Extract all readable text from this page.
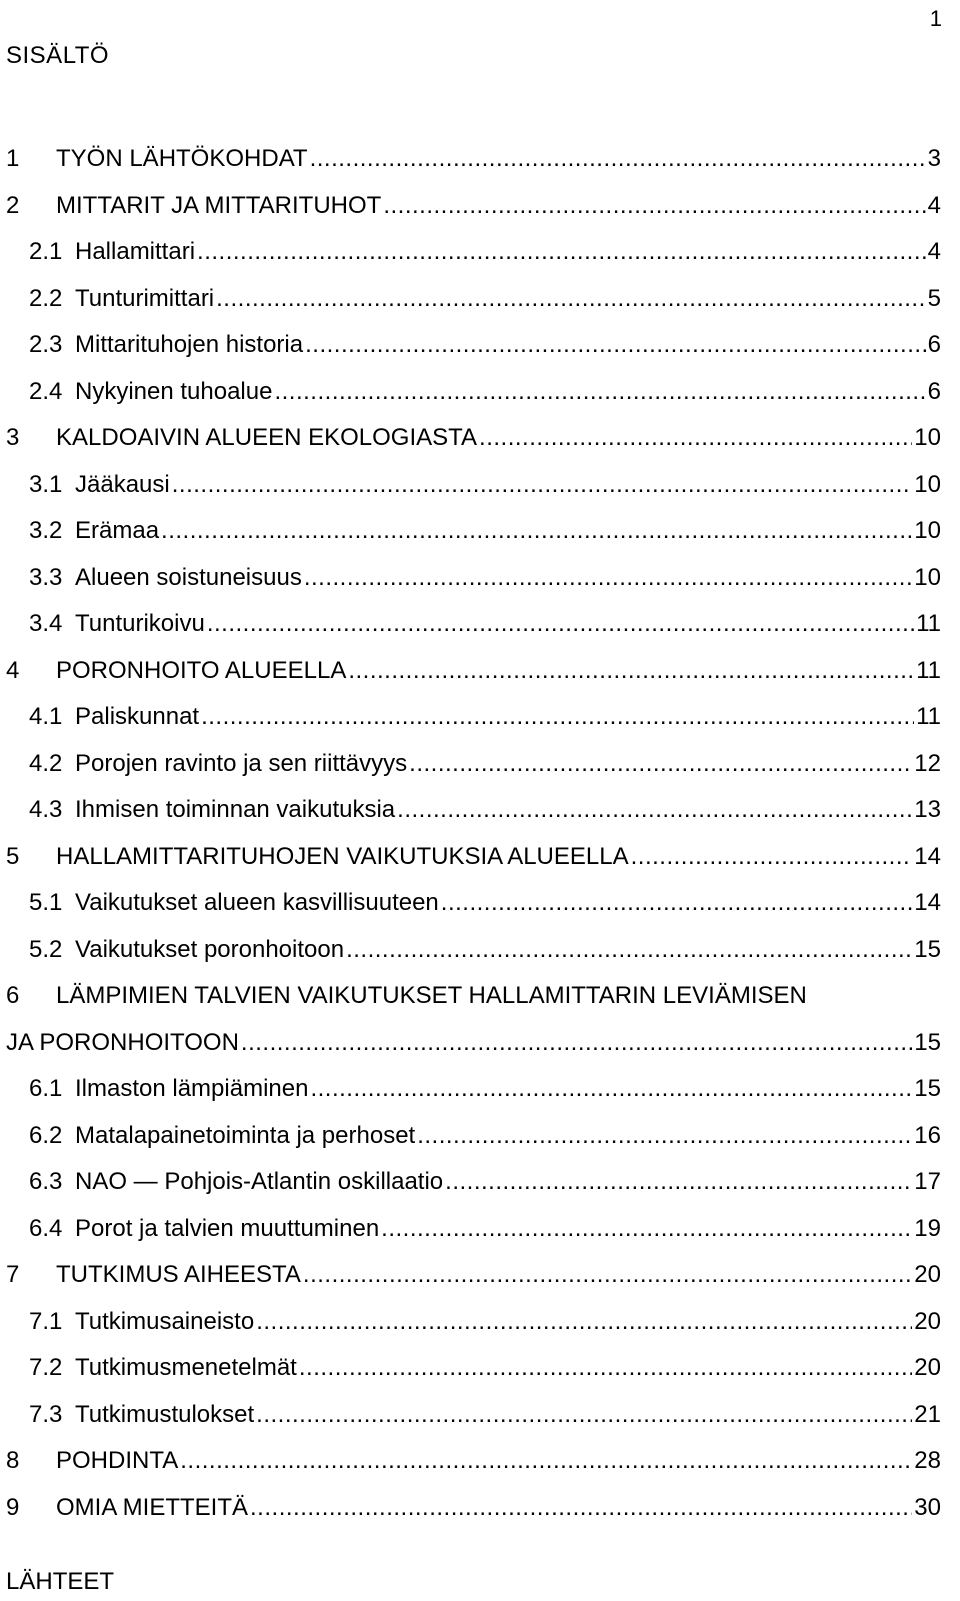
1
SISÄLTÖ
1	TYÖN LÄHTÖKOHDAT .....	3
2	MITTARIT JA MITTARITUHOT .....	4
2.1 Hallamittari .....	4
2.2 Tunturimittari .....	5
2.3 Mittarituhojen historia .....	6
2.4 Nykyinen tuhoalue .....	6
3	KALDOAIVIN ALUEEN EKOLOGIASTA .....	10
3.1 Jääkausi .....	10
3.2 Erämaa .....	10
3.3 Alueen soistuneisuus .....	10
3.4 Tunturikoivu .....	11
4	PORONHOITO ALUEELLA .....	11
4.1 Paliskunnat .....	11
4.2 Porojen ravinto ja sen riittävyys .....	12
4.3 Ihmisen toiminnan vaikutuksia .....	13
5	HALLAMITTARITUHOJEN VAIKUTUKSIA ALUEELLA .....	14
5.1 Vaikutukset alueen kasvillisuuteen .....	14
5.2 Vaikutukset poronhoitoon .....	15
6	LÄMPIMIEN TALVIEN VAIKUTUKSET HALLAMITTARIN LEVIÄMISEN
JA PORONHOITOON .....	15
6.1 Ilmaston lämpiäminen .....	15
6.2 Matalapainetoiminta ja perhoset .....	16
6.3 NAO — Pohjois-Atlantin oskillaatio .....	17
6.4 Porot ja talvien muuttuminen .....	19
7	TUTKIMUS AIHEESTA .....	20
7.1 Tutkimusaineisto .....	20
7.2 Tutkimusmenetelmät .....	20
7.3 Tutkimustulokset .....	21
8	POHDINTA .....	28
9	OMIA MIETTEITÄ .....	30
LÄHTEET
